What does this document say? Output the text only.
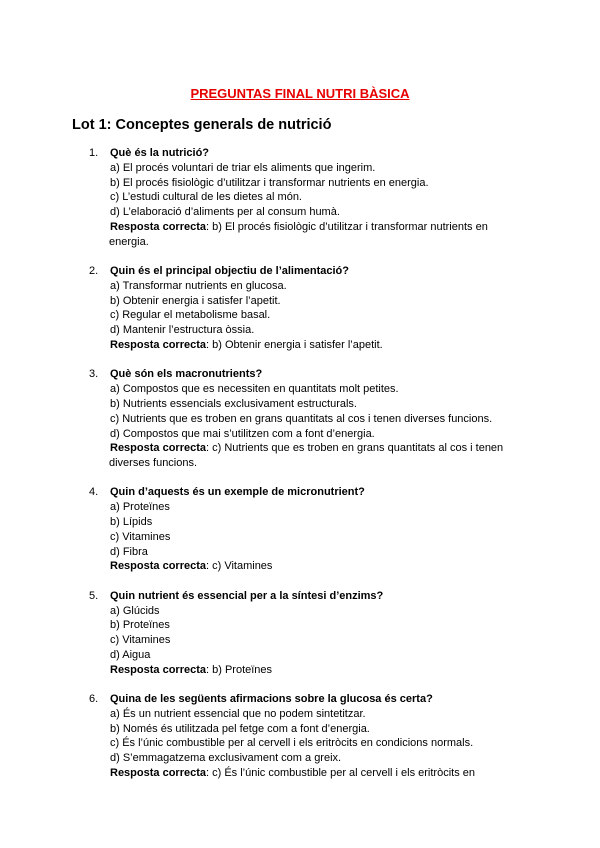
PREGUNTAS FINAL NUTRI BÀSICA
Lot 1: Conceptes generals de nutrició
1. Què és la nutrició?
a) El procés voluntari de triar els aliments que ingerim.
b) El procés fisiològic d’utilitzar i transformar nutrients en energia.
c) L’estudi cultural de les dietes al món.
d) L’elaboració d’aliments per al consum humà.
Resposta correcta: b) El procés fisiològic d’utilitzar i transformar nutrients en
energia.
2. Quin és el principal objectiu de l’alimentació?
a) Transformar nutrients en glucosa.
b) Obtenir energia i satisfer l’apetit.
c) Regular el metabolisme basal.
d) Mantenir l’estructura òssia.
Resposta correcta: b) Obtenir energia i satisfer l’apetit.
3. Què són els macronutrients?
a) Compostos que es necessiten en quantitats molt petites.
b) Nutrients essencials exclusivament estructurals.
c) Nutrients que es troben en grans quantitats al cos i tenen diverses funcions.
d) Compostos que mai s’utilitzen com a font d’energia.
Resposta correcta: c) Nutrients que es troben en grans quantitats al cos i tenen
diverses funcions.
4. Quin d’aquests és un exemple de micronutrient?
a) Proteïnes
b) Lípids
c) Vitamines
d) Fibra
Resposta correcta: c) Vitamines
5. Quin nutrient és essencial per a la síntesi d’enzims?
a) Glúcids
b) Proteïnes
c) Vitamines
d) Aigua
Resposta correcta: b) Proteïnes
6. Quina de les següents afirmacions sobre la glucosa és certa?
a) És un nutrient essencial que no podem sintetitzar.
b) Només és utilitzada pel fetge com a font d’energia.
c) És l’únic combustible per al cervell i els eritròcits en condicions normals.
d) S’emmagatzema exclusivament com a greix.
Resposta correcta: c) És l’únic combustible per al cervell i els eritròcits en
